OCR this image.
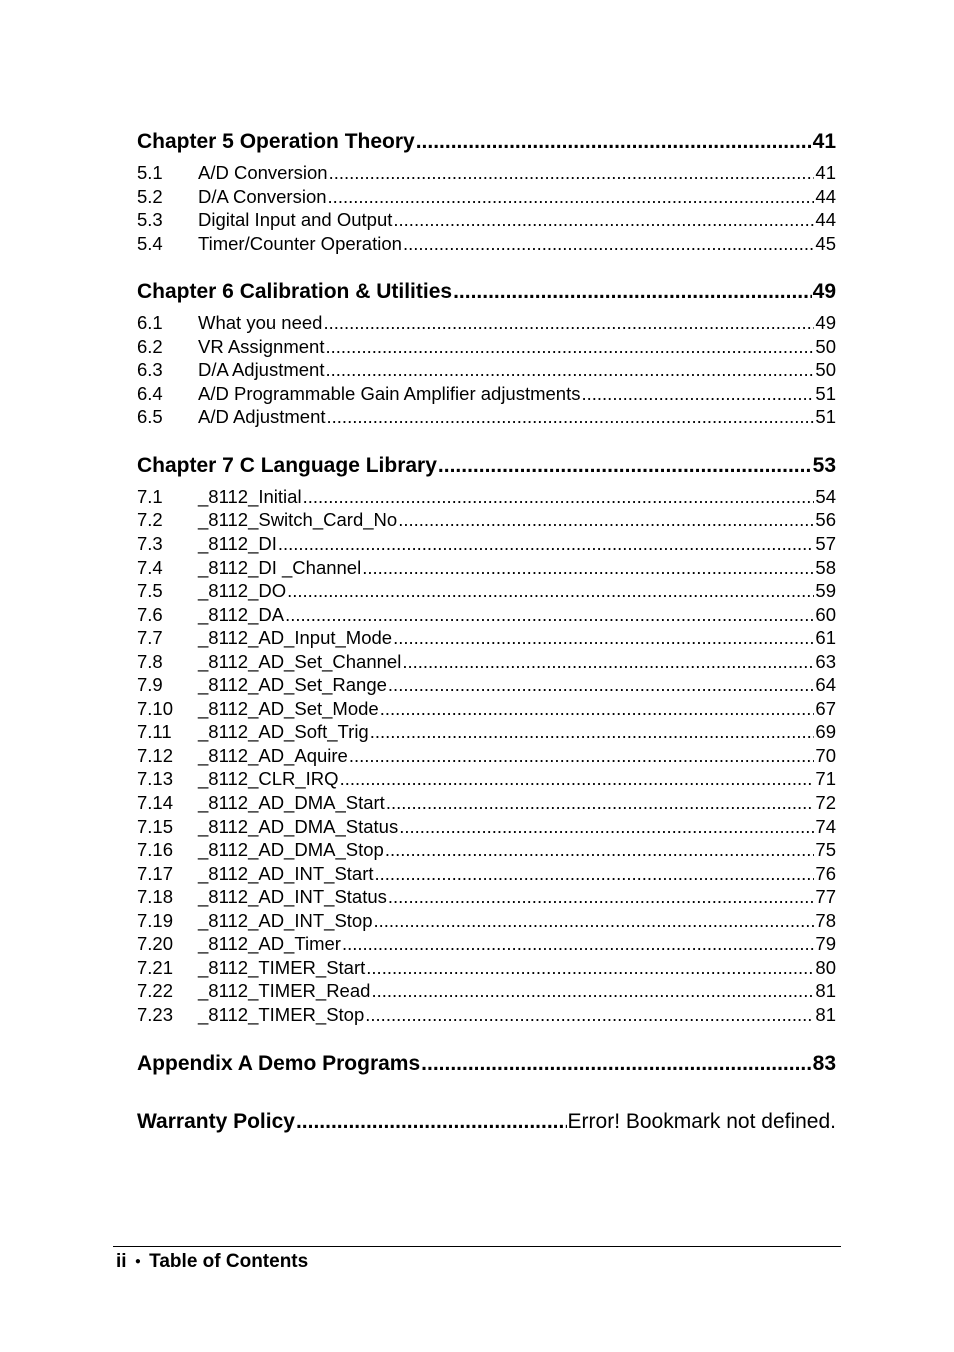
Chapter 5 Operation Theory .....	41
5.1	A/D Conversion .....	41
5.2	D/A Conversion .....	44
5.3	Digital Input and Output .....	44
5.4	Timer/Counter Operation .....	45
Chapter 6 Calibration & Utilities .....	49
6.1	What you need .....	49
6.2	VR Assignment .....	50
6.3	D/A Adjustment .....	50
6.4	A/D Programmable Gain Amplifier adjustments .....	51
6.5	A/D Adjustment .....	51
Chapter 7 C Language Library .....	53
7.1	_8112_Initial .....	54
7.2	_8112_Switch_Card_No .....	56
7.3	_8112_DI .....	57
7.4	_8112_DI _Channel .....	58
7.5	_8112_DO .....	59
7.6	_8112_DA .....	60
7.7	_8112_AD_Input_Mode .....	61
7.8	_8112_AD_Set_Channel .....	63
7.9	_8112_AD_Set_Range .....	64
7.10	_8112_AD_Set_Mode .....	67
7.11	_8112_AD_Soft_Trig .....	69
7.12	_8112_AD_Aquire .....	70
7.13	_8112_CLR_IRQ .....	71
7.14	_8112_AD_DMA_Start .....	72
7.15	_8112_AD_DMA_Status .....	74
7.16	_8112_AD_DMA_Stop .....	75
7.17	_8112_AD_INT_Start .....	76
7.18	_8112_AD_INT_Status .....	77
7.19	_8112_AD_INT_Stop .....	78
7.20	_8112_AD_Timer .....	79
7.21	_8112_TIMER_Start .....	80
7.22	_8112_TIMER_Read .....	81
7.23	_8112_TIMER_Stop .....	81
Appendix A Demo Programs .....	83
Warranty Policy .....	Error! Bookmark not defined.
ii ● Table of Contents
